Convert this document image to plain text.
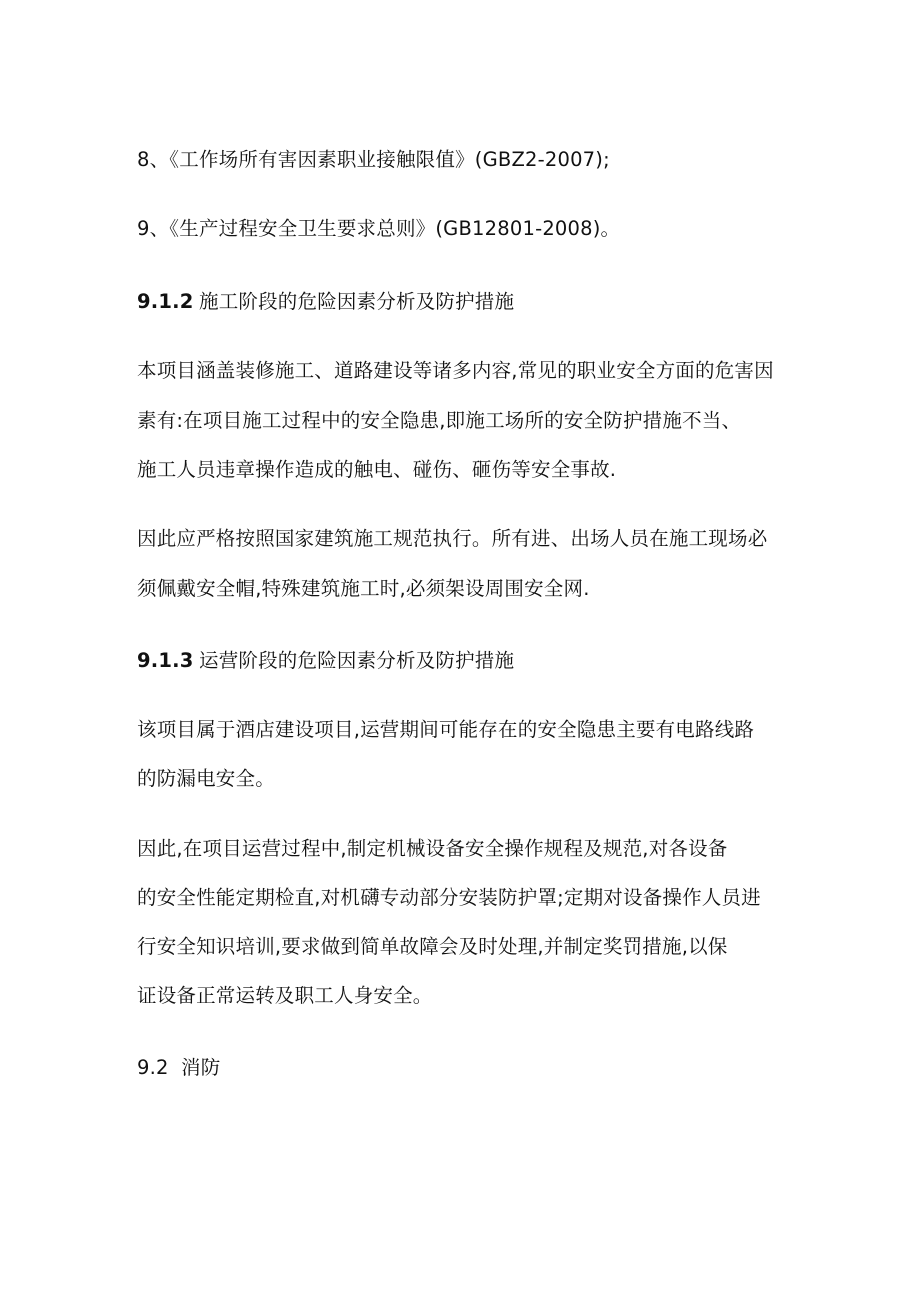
8、《工作场所有害因素职业接触限值》(GBZ2-2007);
9、《生产过程安全卫生要求总则》(GB12801-2008)。
9.1.2 施工阶段的危险因素分析及防护措施
本项目涵盖装修施工、道路建设等诸多内容,常见的职业安全方面的危害因
素有:在项目施工过程中的安全隐患,即施工场所的安全防护措施不当、
施工人员违章操作造成的触电、碰伤、砸伤等安全事故.
因此应严格按照国家建筑施工规范执行。所有进、出场人员在施工现场必
须佩戴安全帽,特殊建筑施工时,必须架设周围安全网.
9.1.3 运营阶段的危险因素分析及防护措施
该项目属于酒店建设项目,运营期间可能存在的安全隐患主要有电路线路
的防漏电安全。
因此,在项目运营过程中,制定机械设备安全操作规程及规范,对各设备
的安全性能定期检直,对机礴专动部分安装防护罩;定期对设备操作人员进
行安全知识培训,要求做到简单故障会及时处理,并制定奖罚措施,以保
证设备正常运转及职工人身安全。
9.2 消防
